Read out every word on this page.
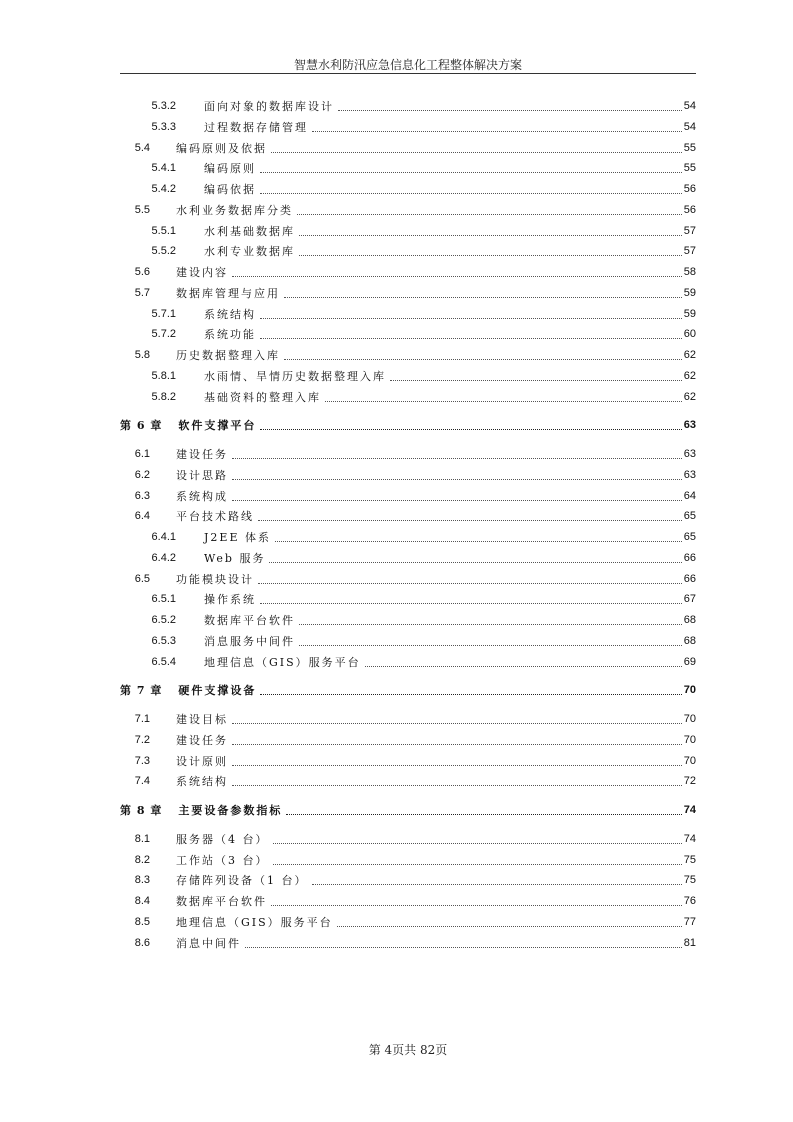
智慧水利防汛应急信息化工程整体解决方案
5.3.2	面向对象的数据库设计	54
5.3.3	过程数据存储管理	54
5.4 编码原则及依据	55
5.4.1	编码原则	55
5.4.2	编码依据	56
5.5 水利业务数据库分类	56
5.5.1	水利基础数据库	57
5.5.2	水利专业数据库	57
5.6 建设内容	58
5.7 数据库管理与应用	59
5.7.1	系统结构	59
5.7.2	系统功能	60
5.8 历史数据整理入库	62
5.8.1	水雨情、旱情历史数据整理入库	62
5.8.2	基础资料的整理入库	62
第 6 章 软件支撑平台	63
6.1 建设任务	63
6.2 设计思路	63
6.3 系统构成	64
6.4 平台技术路线	65
6.4.1	J2EE 体系	65
6.4.2	Web 服务	66
6.5 功能模块设计	66
6.5.1	操作系统	67
6.5.2	数据库平台软件	68
6.5.3	消息服务中间件	68
6.5.4	地理信息（GIS）服务平台	69
第 7 章 硬件支撑设备	70
7.1 建设目标	70
7.2 建设任务	70
7.3 设计原则	70
7.4 系统结构	72
第 8 章 主要设备参数指标	74
8.1 服务器（4 台）	74
8.2 工作站（3 台）	75
8.3 存储阵列设备（1 台）	75
8.4 数据库平台软件	76
8.5 地理信息（GIS）服务平台	77
8.6 消息中间件	81
第 4页共 82页
